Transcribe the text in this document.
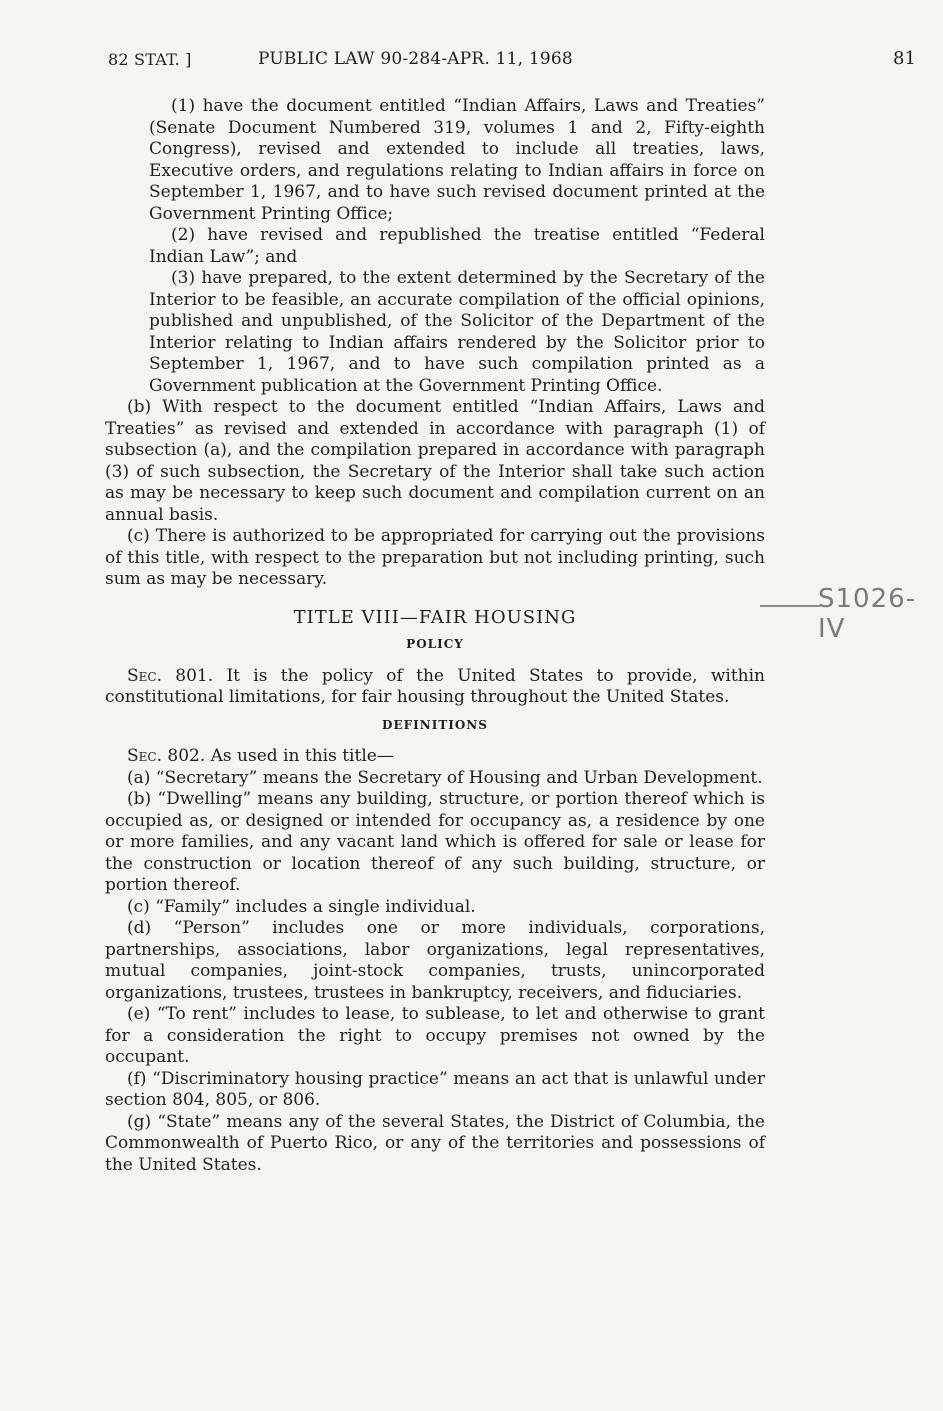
82 STAT. ]	PUBLIC LAW 90-284-APR. 11, 1968	81

(1) have the document entitled “Indian Affairs, Laws and Treaties” (Senate Document Numbered 319, volumes 1 and 2, Fifty-eighth Congress), revised and extended to include all treaties, laws, Executive orders, and regulations relating to Indian affairs in force on September 1, 1967, and to have such revised document printed at the Government Printing Office;

(2) have revised and republished the treatise entitled “Federal Indian Law”; and

(3) have prepared, to the extent determined by the Secretary of the Interior to be feasible, an accurate compilation of the official opinions, published and unpublished, of the Solicitor of the Department of the Interior relating to Indian affairs rendered by the Solicitor prior to September 1, 1967, and to have such compilation printed as a Government publication at the Government Printing Office.

(b) With respect to the document entitled “Indian Affairs, Laws and Treaties” as revised and extended in accordance with paragraph (1) of subsection (a), and the compilation prepared in accordance with paragraph (3) of such subsection, the Secretary of the Interior shall take such action as may be necessary to keep such document and compilation current on an annual basis.

(c) There is authorized to be appropriated for carrying out the provisions of this title, with respect to the preparation but not including printing, such sum as may be necessary.

TITLE VIII—FAIR HOUSING
POLICY

Sec. 801. It is the policy of the United States to provide, within constitutional limitations, for fair housing throughout the United States.

DEFINITIONS

Sec. 802. As used in this title—

(a) “Secretary” means the Secretary of Housing and Urban Development.

(b) “Dwelling” means any building, structure, or portion thereof which is occupied as, or designed or intended for occupancy as, a residence by one or more families, and any vacant land which is offered for sale or lease for the construction or location thereof of any such building, structure, or portion thereof.

(c) “Family” includes a single individual.

(d) “Person” includes one or more individuals, corporations, partnerships, associations, labor organizations, legal representatives, mutual companies, joint-stock companies, trusts, unincorporated organizations, trustees, trustees in bankruptcy, receivers, and fiduciaries.

(e) “To rent” includes to lease, to sublease, to let and otherwise to grant for a consideration the right to occupy premises not owned by the occupant.

(f) “Discriminatory housing practice” means an act that is unlawful under section 804, 805, or 806.

(g) “State” means any of the several States, the District of Columbia, the Commonwealth of Puerto Rico, or any of the territories and possessions of the United States.

S1026-IV
